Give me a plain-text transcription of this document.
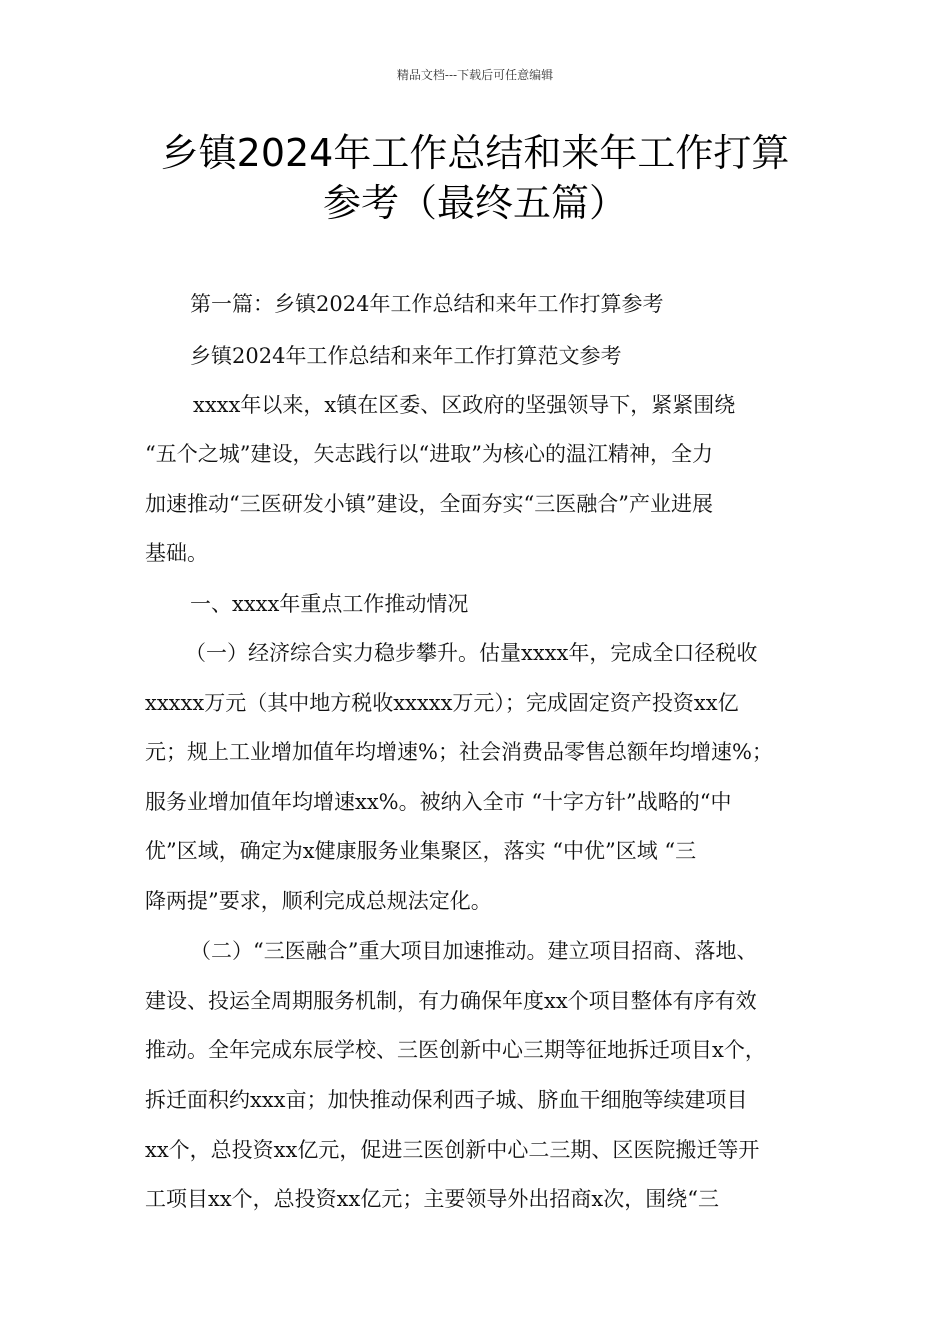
精品文档---下载后可任意编辑
乡镇2024年工作总结和来年工作打算
参考（最终五篇）
第一篇：乡镇2024年工作总结和来年工作打算参考
乡镇2024年工作总结和来年工作打算范文参考
xxxx年以来，x镇在区委、区政府的坚强领导下，紧紧围绕
“五个之城”建设，矢志践行以“进取”为核心的温江精神，全力
加速推动“三医研发小镇”建设，全面夯实“三医融合”产业进展
基础。
一、xxxx年重点工作推动情况
（一）经济综合实力稳步攀升。估量xxxx年，完成全口径税收
xxxxx万元（其中地方税收xxxxx万元）；完成固定资产投资xx亿
元；规上工业增加值年均增速%；社会消费品零售总额年均增速%；
服务业增加值年均增速xx%。被纳入全市 “十字方针”战略的“中
优”区域，确定为x健康服务业集聚区，落实 “中优”区域 “三
降两提”要求，顺利完成总规法定化。
（二）“三医融合”重大项目加速推动。建立项目招商、落地、
建设、投运全周期服务机制，有力确保年度xx个项目整体有序有效
推动。全年完成东辰学校、三医创新中心三期等征地拆迁项目x个，
拆迁面积约xxx亩；加快推动保利西子城、脐血干细胞等续建项目
xx个，总投资xx亿元，促进三医创新中心二三期、区医院搬迁等开
工项目xx个，总投资xx亿元；主要领导外出招商x次，围绕“三
